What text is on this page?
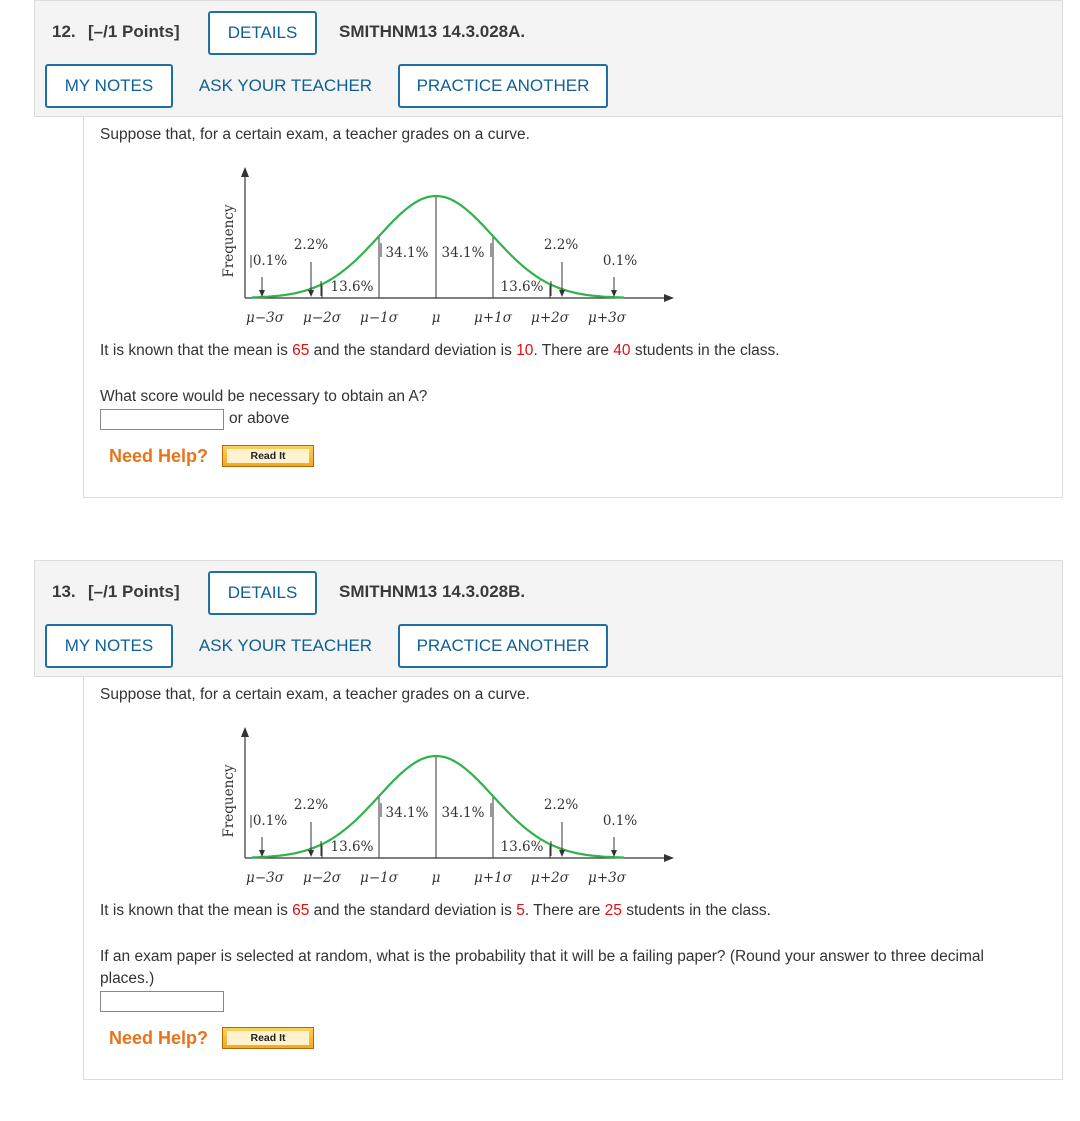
12. [–/1 Points]	DETAILS	SMITHNM13 14.3.028A.
MY NOTES	ASK YOUR TEACHER	PRACTICE ANOTHER
Suppose that, for a certain exam, a teacher grades on a curve.
Frequency 0.1%
2.2%
13.6%
34.1% 34.1%
13.6%
2.2%
0.1%
μ−3σ μ−2σ μ−1σ μ μ+1σ μ+2σ μ+3σ
It is known that the mean is 65 and the standard deviation is 10. There are 40 students in the class.
What score would be necessary to obtain an A?
or above
Need Help?	Read It
13. [–/1 Points]	DETAILS	SMITHNM13 14.3.028B.
MY NOTES	ASK YOUR TEACHER	PRACTICE ANOTHER
Suppose that, for a certain exam, a teacher grades on a curve.
Frequency 0.1%
2.2%
13.6%
34.1% 34.1%
13.6%
2.2%
0.1%
μ−3σ μ−2σ μ−1σ μ μ+1σ μ+2σ μ+3σ
It is known that the mean is 65 and the standard deviation is 5. There are 25 students in the class.
If an exam paper is selected at random, what is the probability that it will be a failing paper? (Round your answer to three decimal
places.)
Need Help?	Read It
